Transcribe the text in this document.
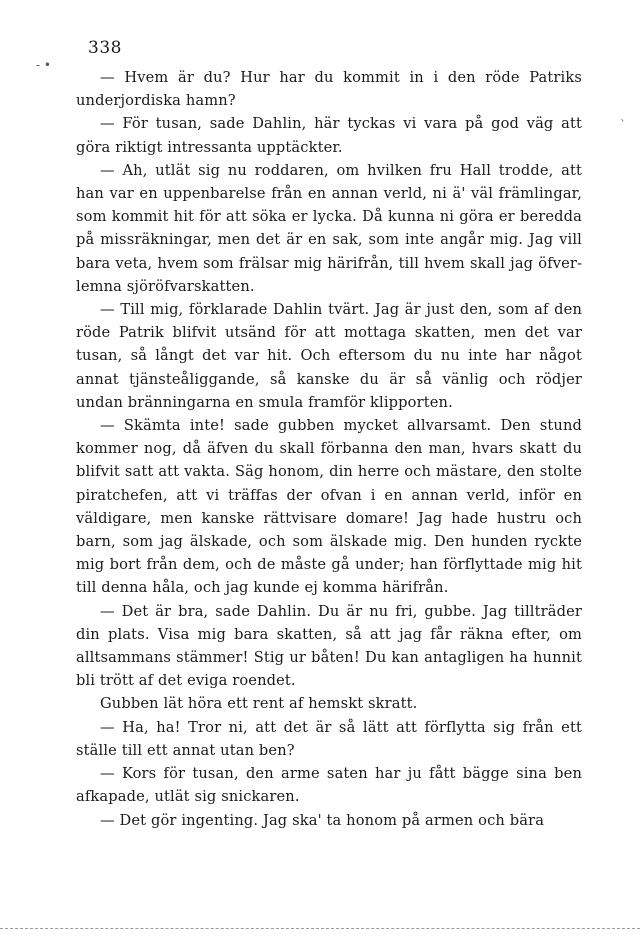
338
- •
ˋ

— Hvem är du? Hur har du kommit in i den röde Patriks underjordiska hamn?

— För tusan, sade Dahlin, här tyckas vi vara på god väg att göra riktigt intressanta upptäckter.

— Ah, utlät sig nu roddaren, om hvilken fru Hall trodde, att han var en uppenbarelse från en annan verld, ni ä' väl främlingar, som kommit hit för att söka er lycka. Då kunna ni göra er beredda på missräkningar, men det är en sak, som inte angår mig. Jag vill bara veta, hvem som frälsar mig härifrån, till hvem skall jag öfverlemna sjöröfvarskatten.

— Till mig, förklarade Dahlin tvärt. Jag är just den, som af den röde Patrik blifvit utsänd för att mottaga skatten, men det var tusan, så långt det var hit. Och eftersom du nu inte har något annat tjänsteåliggande, så kanske du är så vänlig och rödjer undan bränningarna en smula framför klipporten.

— Skämta inte! sade gubben mycket allvarsamt. Den stund kommer nog, då äfven du skall förbanna den man, hvars skatt du blifvit satt att vakta. Säg honom, din herre och mästare, den stolte piratchefen, att vi träffas der ofvan i en annan verld, inför en väldigare, men kanske rättvisare domare! Jag hade hustru och barn, som jag älskade, och som älskade mig. Den hunden ryckte mig bort från dem, och de måste gå under; han förflyttade mig hit till denna håla, och jag kunde ej komma härifrån.

— Det är bra, sade Dahlin. Du är nu fri, gubbe. Jag tillträder din plats. Visa mig bara skatten, så att jag får räkna efter, om alltsammans stämmer! Stig ur båten! Du kan antagligen ha hunnit bli trött af det eviga roendet.

Gubben lät höra ett rent af hemskt skratt.

— Ha, ha! Tror ni, att det är så lätt att förflytta sig från ett ställe till ett annat utan ben?

— Kors för tusan, den arme saten har ju fått bägge sina ben afkapade, utlät sig snickaren.

— Det gör ingenting. Jag ska' ta honom på armen och bära
